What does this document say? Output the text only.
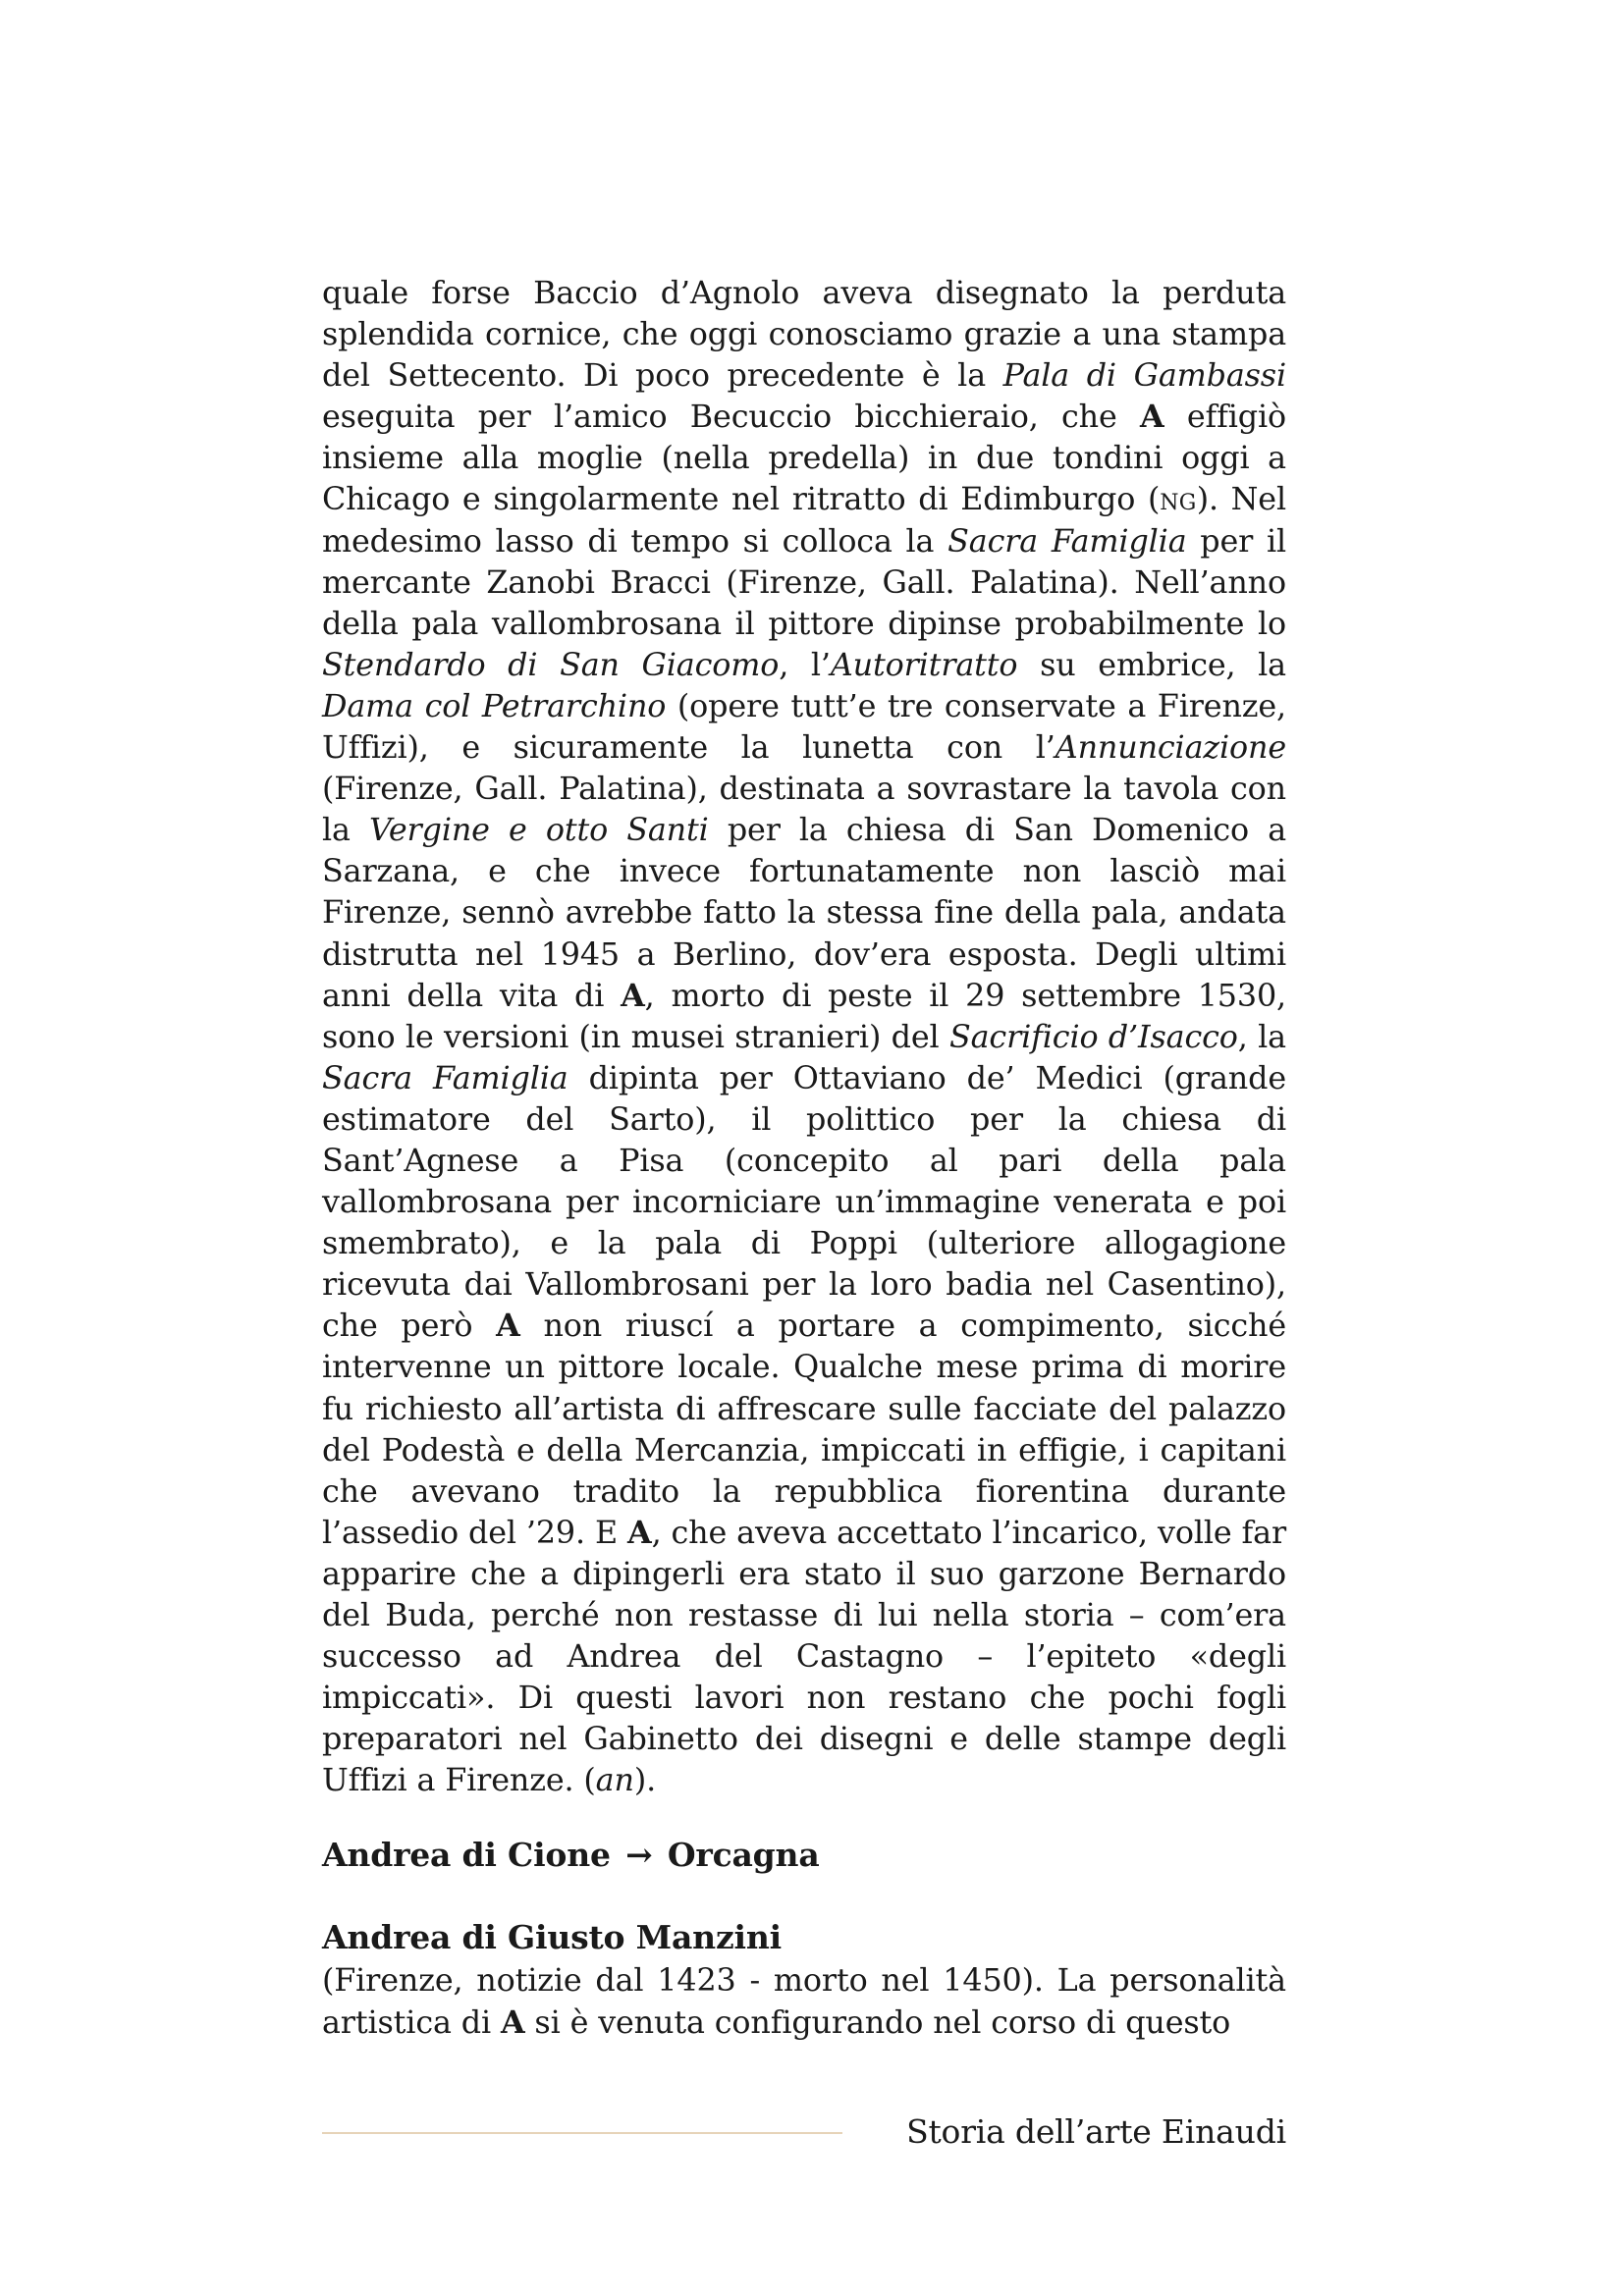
quale forse Baccio d’Agnolo aveva disegnato la perduta splendida cornice, che oggi conosciamo grazie a una stampa del Settecento. Di poco precedente è la Pala di Gambassi eseguita per l’amico Becuccio bicchieraio, che A effigiò insieme alla moglie (nella predella) in due tondini oggi a Chicago e singolarmente nel ritratto di Edimburgo (ng). Nel medesimo lasso di tempo si colloca la Sacra Famiglia per il mercante Zanobi Bracci (Firenze, Gall. Palatina). Nell’anno della pala vallombrosana il pittore dipinse probabilmente lo Stendardo di San Giacomo, l’Autoritratto su embrice, la Dama col Petrarchino (opere tutt’e tre conservate a Firenze, Uffizi), e sicuramente la lunetta con l’Annunciazione (Firenze, Gall. Palatina), destinata a sovrastare la tavola con la Vergine e otto Santi per la chiesa di San Domenico a Sarzana, e che invece fortunatamente non lasciò mai Firenze, sennò avrebbe fatto la stessa fine della pala, andata distrutta nel 1945 a Berlino, dov’era esposta. Degli ultimi anni della vita di A, morto di peste il 29 settembre 1530, sono le versioni (in musei stranieri) del Sacrificio d’Isacco, la Sacra Famiglia dipinta per Ottaviano de’ Medici (grande estimatore del Sarto), il polittico per la chiesa di Sant’Agnese a Pisa (concepito al pari della pala vallombrosana per incorniciare un’immagine venerata e poi smembrato), e la pala di Poppi (ulteriore allogagione ricevuta dai Vallombrosani per la loro badia nel Casentino), che però A non riuscí a portare a compimento, sicché intervenne un pittore locale. Qualche mese prima di morire fu richiesto all’artista di affrescare sulle facciate del palazzo del Podestà e della Mercanzia, impiccati in effigie, i capitani che avevano tradito la repubblica fiorentina durante l’assedio del ’29. E A, che aveva accettato l’incarico, volle far apparire che a dipingerli era stato il suo garzone Bernardo del Buda, perché non restasse di lui nella storia – com’era successo ad Andrea del Castagno – l’epiteto «degli impiccati». Di questi lavori non restano che pochi fogli preparatori nel Gabinetto dei disegni e delle stampe degli Uffizi a Firenze. (an).

Andrea di Cione → Orcagna

Andrea di Giusto Manzini

(Firenze, notizie dal 1423 - morto nel 1450). La personalità artistica di A si è venuta configurando nel corso di questo

Storia dell’arte Einaudi
